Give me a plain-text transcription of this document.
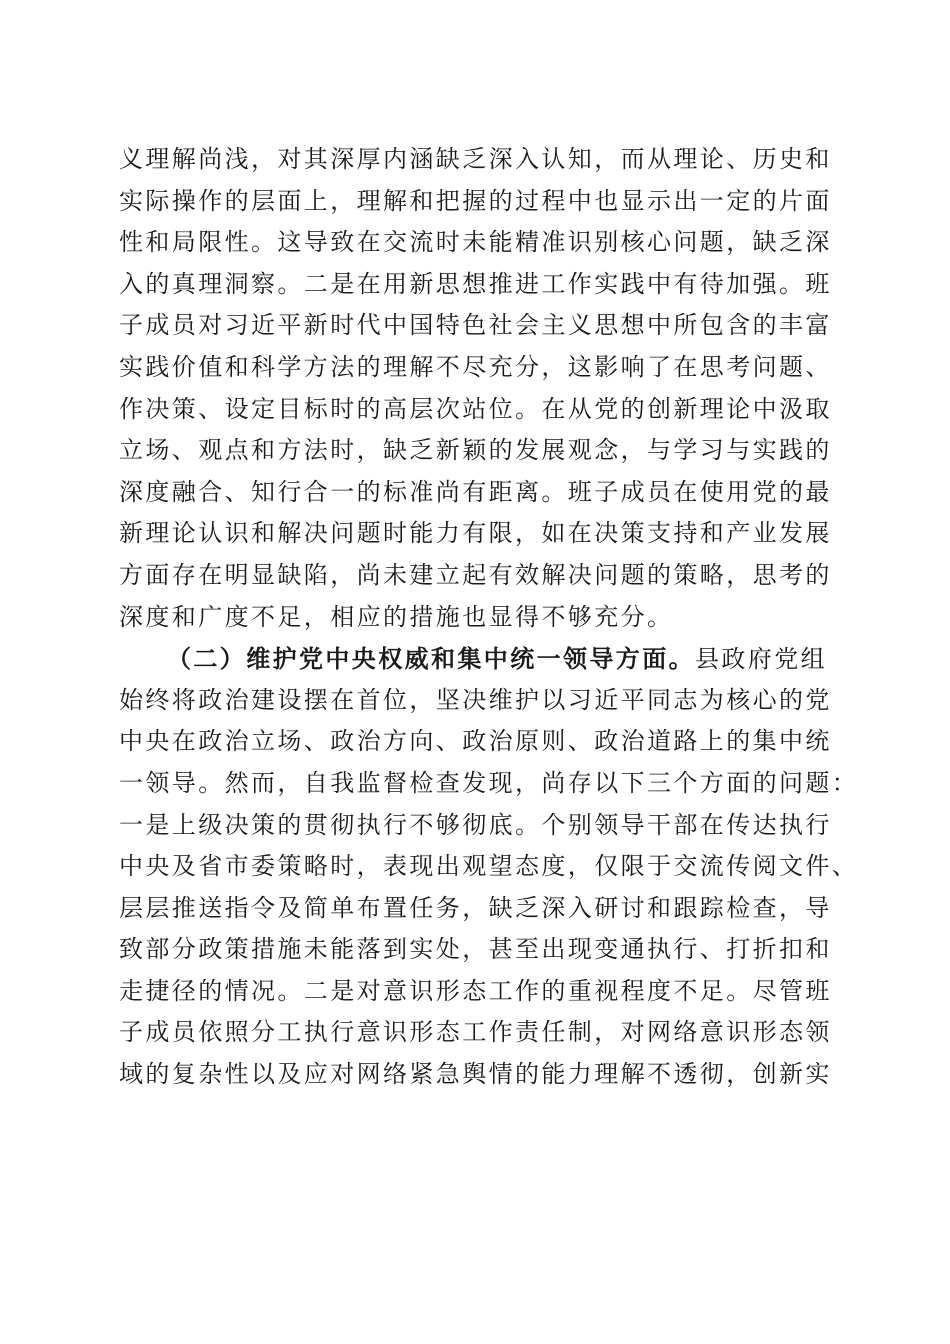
义理解尚浅，对其深厚内涵缺乏深入认知，而从理论、历史和
实际操作的层面上，理解和把握的过程中也显示出一定的片面
性和局限性。这导致在交流时未能精准识别核心问题，缺乏深
入的真理洞察。二是在用新思想推进工作实践中有待加强。班
子成员对习近平新时代中国特色社会主义思想中所包含的丰富
实践价值和科学方法的理解不尽充分，这影响了在思考问题、
作决策、设定目标时的高层次站位。在从党的创新理论中汲取
立场、观点和方法时，缺乏新颖的发展观念，与学习与实践的
深度融合、知行合一的标准尚有距离。班子成员在使用党的最
新理论认识和解决问题时能力有限，如在决策支持和产业发展
方面存在明显缺陷，尚未建立起有效解决问题的策略，思考的
深度和广度不足，相应的措施也显得不够充分。
（二）维护党中央权威和集中统一领导方面。县政府党组
始终将政治建设摆在首位，坚决维护以习近平同志为核心的党
中央在政治立场、政治方向、政治原则、政治道路上的集中统
一领导。然而，自我监督检查发现，尚存以下三个方面的问题：
一是上级决策的贯彻执行不够彻底。个别领导干部在传达执行
中央及省市委策略时，表现出观望态度，仅限于交流传阅文件、
层层推送指令及简单布置任务，缺乏深入研讨和跟踪检查，导
致部分政策措施未能落到实处，甚至出现变通执行、打折扣和
走捷径的情况。二是对意识形态工作的重视程度不足。尽管班
子成员依照分工执行意识形态工作责任制，对网络意识形态领
域的复杂性以及应对网络紧急舆情的能力理解不透彻，创新实
